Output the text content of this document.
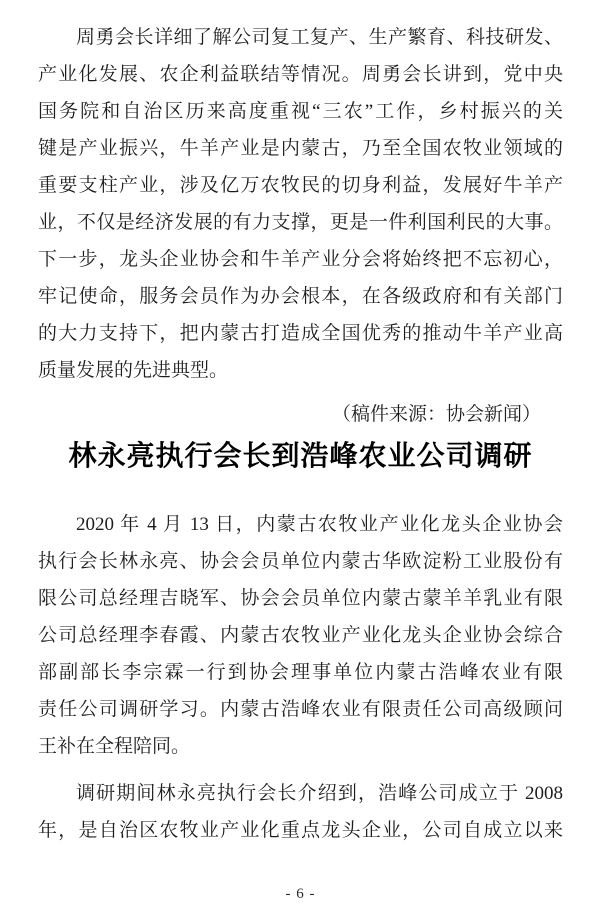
周勇会长详细了解公司复工复产、生产繁育、科技研发、
产业化发展、农企利益联结等情况。周勇会长讲到，党中央
国务院和自治区历来高度重视“三农”工作，乡村振兴的关
键是产业振兴，牛羊产业是内蒙古，乃至全国农牧业领域的
重要支柱产业，涉及亿万农牧民的切身利益，发展好牛羊产
业，不仅是经济发展的有力支撑，更是一件利国利民的大事。
下一步，龙头企业协会和牛羊产业分会将始终把不忘初心，
牢记使命，服务会员作为办会根本，在各级政府和有关部门
的大力支持下，把内蒙古打造成全国优秀的推动牛羊产业高
质量发展的先进典型。
（稿件来源：协会新闻）
林永亮执行会长到浩峰农业公司调研
2020 年 4 月 13 日，内蒙古农牧业产业化龙头企业协会
执行会长林永亮、协会会员单位内蒙古华欧淀粉工业股份有
限公司总经理吉晓军、协会会员单位内蒙古蒙羊羊乳业有限
公司总经理李春霞、内蒙古农牧业产业化龙头企业协会综合
部副部长李宗霖一行到协会理事单位内蒙古浩峰农业有限
责任公司调研学习。内蒙古浩峰农业有限责任公司高级顾问
王补在全程陪同。
调研期间林永亮执行会长介绍到，浩峰公司成立于 2008
年，是自治区农牧业产业化重点龙头企业，公司自成立以来
- 6 -
